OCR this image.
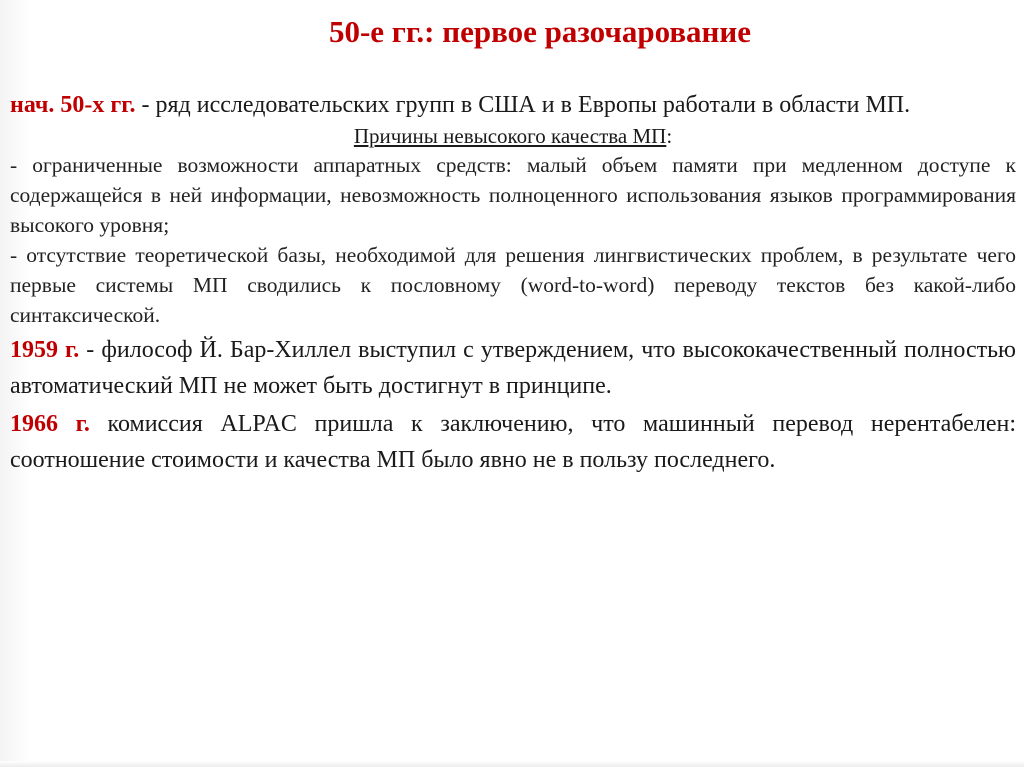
50-е гг.: первое разочарование

нач. 50-х гг. - ряд исследовательских групп в США и в Европы работали в области МП.

Причины невысокого качества МП:

- ограниченные возможности аппаратных средств: малый объем памяти при медленном доступе к содержащейся в ней информации, невозможность полноценного использования языков программирования высокого уровня;

- отсутствие теоретической базы, необходимой для решения лингвистических проблем, в результате чего первые системы МП сводились к пословному (word-to-word) переводу текстов без какой-либо синтаксической.

1959 г. - философ Й. Бар-Хиллел выступил с утверждением, что высококачественный полностью автоматический МП не может быть достигнут в принципе.

1966 г. комиссия ALPAC пришла к заключению, что машинный перевод нерентабелен: соотношение стоимости и качества МП было явно не в пользу последнего.
